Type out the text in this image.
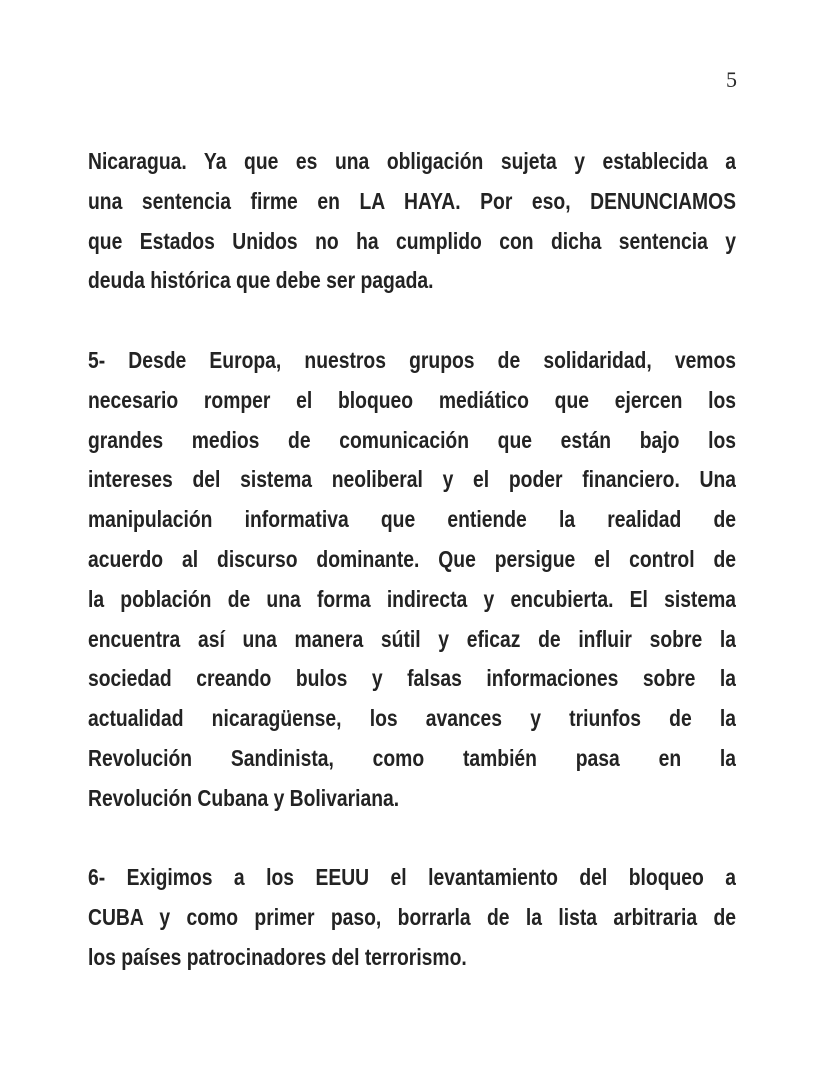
5
Nicaragua. Ya que es una obligación sujeta y establecida a
una sentencia firme en LA HAYA. Por eso, DENUNCIAMOS
que Estados Unidos no ha cumplido con dicha sentencia y
deuda histórica que debe ser pagada.
5- Desde Europa, nuestros grupos de solidaridad, vemos
necesario romper el bloqueo mediático que ejercen los
grandes medios de comunicación que están bajo los
intereses del sistema neoliberal y el poder financiero. Una
manipulación informativa que entiende la realidad de
acuerdo al discurso dominante. Que persigue el control de
la población de una forma indirecta y encubierta. El sistema
encuentra así una manera sútil y eficaz de influir sobre la
sociedad creando bulos y falsas informaciones sobre la
actualidad nicaragüense, los avances y triunfos de la
Revolución Sandinista, como también pasa en la
Revolución Cubana y Bolivariana.
6- Exigimos a los EEUU el levantamiento del bloqueo a
CUBA y como primer paso, borrarla de la lista arbitraria de
los países patrocinadores del terrorismo.
